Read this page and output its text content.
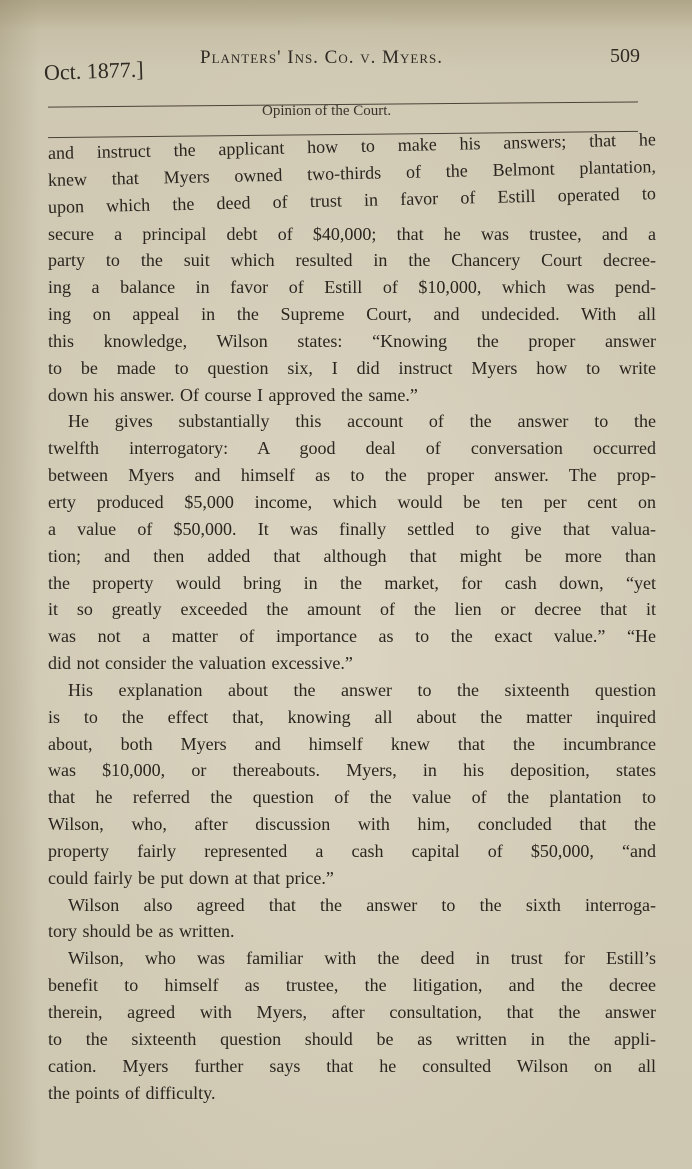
Oct. 1877.]	Planters' Ins. Co. v. Myers.	509
Opinion of the Court.
and instruct the applicant how to make his answers; that he
knew that Myers owned two-thirds of the Belmont plantation,
upon which the deed of trust in favor of Estill operated to
secure a principal debt of $40,000; that he was trustee, and a
party to the suit which resulted in the Chancery Court decree-
ing a balance in favor of Estill of $10,000, which was pend-
ing on appeal in the Supreme Court, and undecided. With all
this knowledge, Wilson states: “Knowing the proper answer
to be made to question six, I did instruct Myers how to write
down his answer. Of course I approved the same.”
He gives substantially this account of the answer to the
twelfth interrogatory: A good deal of conversation occurred
between Myers and himself as to the proper answer. The prop-
erty produced $5,000 income, which would be ten per cent on
a value of $50,000. It was finally settled to give that valua-
tion; and then added that although that might be more than
the property would bring in the market, for cash down, “yet
it so greatly exceeded the amount of the lien or decree that it
was not a matter of importance as to the exact value.” “He
did not consider the valuation excessive.”
His explanation about the answer to the sixteenth question
is to the effect that, knowing all about the matter inquired
about, both Myers and himself knew that the incumbrance
was $10,000, or thereabouts. Myers, in his deposition, states
that he referred the question of the value of the plantation to
Wilson, who, after discussion with him, concluded that the
property fairly represented a cash capital of $50,000, “and
could fairly be put down at that price.”
Wilson also agreed that the answer to the sixth interroga-
tory should be as written.
Wilson, who was familiar with the deed in trust for Estill’s
benefit to himself as trustee, the litigation, and the decree
therein, agreed with Myers, after consultation, that the answer
to the sixteenth question should be as written in the appli-
cation. Myers further says that he consulted Wilson on all
the points of difficulty.
